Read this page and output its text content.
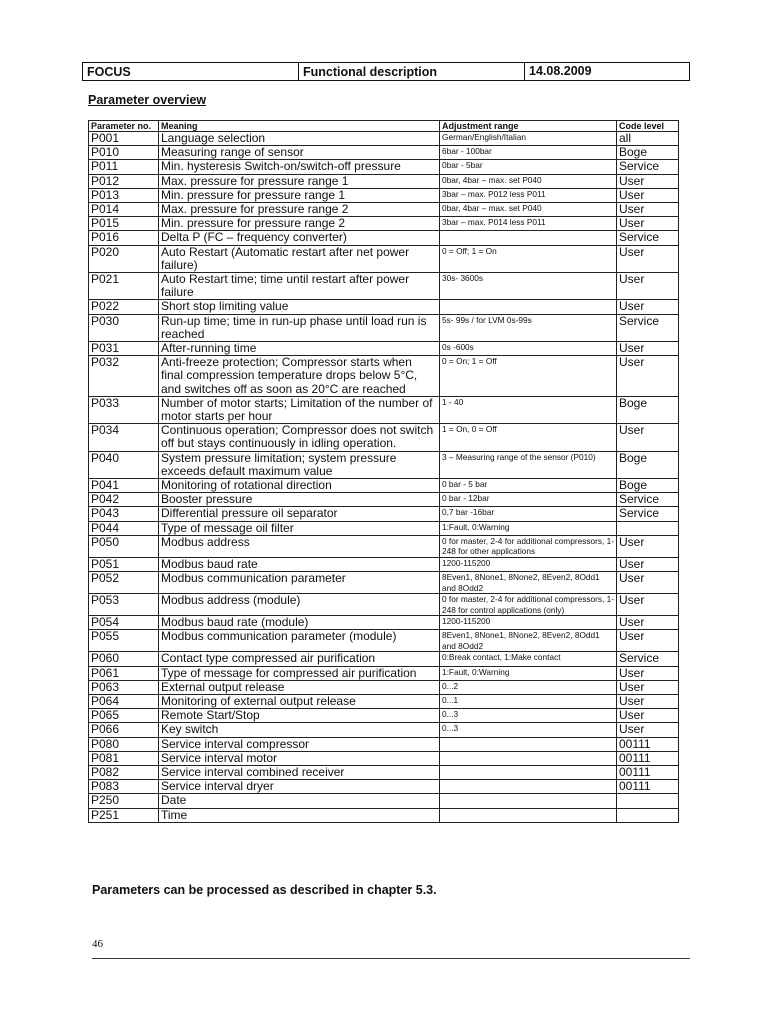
FOCUS	Functional description	14.08.2009
Parameter overview
Parameter no.	Meaning	Adjustment range	Code level
P001	Language selection	German/English/Italian	all
P010	Measuring range of sensor	6bar - 100bar	Boge
P011	Min. hysteresis Switch-on/switch-off pressure	0bar - 5bar	Service
P012	Max. pressure for pressure range 1	0bar, 4bar – max. set P040	User
P013	Min. pressure for pressure range 1	3bar – max. P012 less P011	User
P014	Max. pressure for pressure range 2	0bar, 4bar – max. set P040	User
P015	Min. pressure for pressure range 2	3bar – max. P014 less P011	User
P016	Delta P (FC – frequency converter)		Service
P020	Auto Restart (Automatic restart after net power failure)	0 = Off; 1 = On	User
P021	Auto Restart time; time until restart after power failure	30s- 3600s	User
P022	Short stop limiting value		User
P030	Run-up time; time in run-up phase until load run is reached	5s- 99s / for LVM 0s-99s	Service
P031	After-running time	0s -600s	User
P032	Anti-freeze protection; Compressor starts when final compression temperature drops below 5°C, and switches off as soon as 20°C are reached	0 = On; 1 = Off	User
P033	Number of motor starts; Limitation of the number of motor starts per hour	1 - 40	Boge
P034	Continuous operation; Compressor does not switch off but stays continuously in idling operation.	1 = On, 0 = Off	User
P040	System pressure limitation; system pressure exceeds default maximum value	3 – Measuring range of the sensor (P010)	Boge
P041	Monitoring of rotational direction	0 bar - 5 bar	Boge
P042	Booster pressure	0 bar - 12bar	Service
P043	Differential pressure oil separator	0,7 bar -16bar	Service
P044	Type of message oil filter	1:Fault, 0:Warning	
P050	Modbus address	0 for master, 2-4 for additional compressors, 1-248 for other applications	User
P051	Modbus baud rate	1200-115200	User
P052	Modbus communication parameter	8Even1, 8None1, 8None2, 8Even2, 8Odd1 and 8Odd2	User
P053	Modbus address (module)	0 for master, 2-4 for additional compressors, 1-248 for control applications (only)	User
P054	Modbus baud rate (module)	1200-115200	User
P055	Modbus communication parameter (module)	8Even1, 8None1, 8None2, 8Even2, 8Odd1 and 8Odd2	User
P060	Contact type compressed air purification	0:Break contact, 1:Make contact	Service
P061	Type of message for compressed air purification	1:Fault, 0:Warning	User
P063	External output release	0...2	User
P064	Monitoring of external output release	0...1	User
P065	Remote Start/Stop	0...3	User
P066	Key switch	0...3	User
P080	Service interval compressor		00111
P081	Service interval motor		00111
P082	Service interval combined receiver		00111
P083	Service interval dryer		00111
P250	Date		
P251	Time		
Parameters can be processed as described in chapter 5.3.
46
